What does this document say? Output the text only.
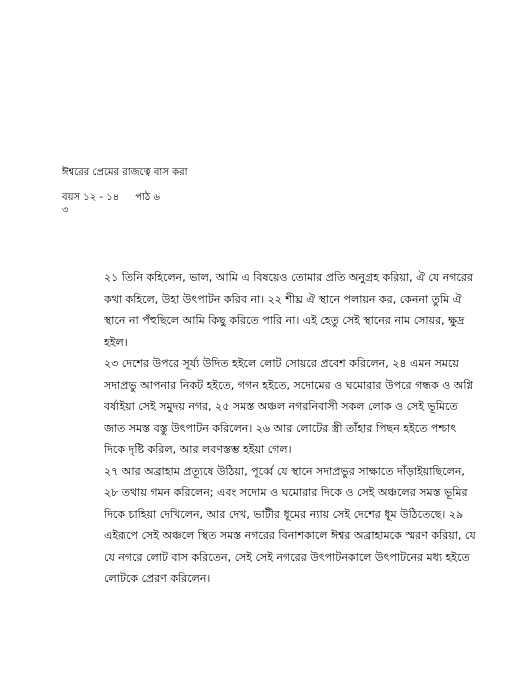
ঈশ্বরের প্রেমের রাজত্বে বাস করা
বয়স ১২ - ১৪ পাঠ ৬
৩

২১ তিনি কহিলেন, ভাল, আমি এ বিষয়েও তোমার প্রতি অনুগ্রহ করিয়া, ঐ যে নগরের কথা কহিলে, উহা উৎপাটন করিব না। ২২ শীঘ্র ঐ স্থানে পলায়ন কর, কেননা তুমি ঐ স্থানে না পঁহুছিলে আমি কিছু করিতে পারি না। এই হেতু সেই স্থানের নাম সোয়র, ক্ষুদ্র হইল।

২৩ দেশের উপরে সূর্য্য উদিত হইলে লোট সোয়রে প্রবেশ করিলেন, ২৪ এমন সময়ে সদাপ্রভু আপনার নিকট হইতে, গগন হইতে, সদোমের ও ঘমোরার উপরে গন্ধক ও অগ্নি বর্ষাইয়া সেই সমুদয় নগর, ২৫ সমস্ত অঞ্চল নগরনিবাসী সকল লোক ও সেই ভূমিতে জাত সমস্ত বস্তু উৎপাটন করিলেন। ২৬ আর লোটের স্ত্রী তাঁহার পিছন হইতে পশ্চাৎ দিকে দৃষ্টি করিল, আর লবণস্তম্ভ হইয়া গেল।

২৭ আর অব্রাহাম প্রত্যূষে উঠিয়া, পূর্ব্বে যে স্থানে সদাপ্রভুর সাক্ষাতে দাঁড়াইয়াছিলেন, ২৮ তথায় গমন করিলেন; এবং সদোম ও ঘমোরার দিকে ও সেই অঞ্চলের সমস্ত ভূমির দিকে চাহিয়া দেখিলেন, আর দেখ, ভাটীর ধূমের ন্যায় সেই দেশের ধূম উঠিতেছে। ২৯ এইরূপে সেই অঞ্চলে স্থিত সমস্ত নগরের বিনাশকালে ঈশ্বর অব্রাহামকে স্মরণ করিয়া, যে যে নগরে লোট বাস করিতেন, সেই সেই নগরের উৎপাটনকালে উৎপাটনের মধ্য হইতে লোটকে প্রেরণ করিলেন।
